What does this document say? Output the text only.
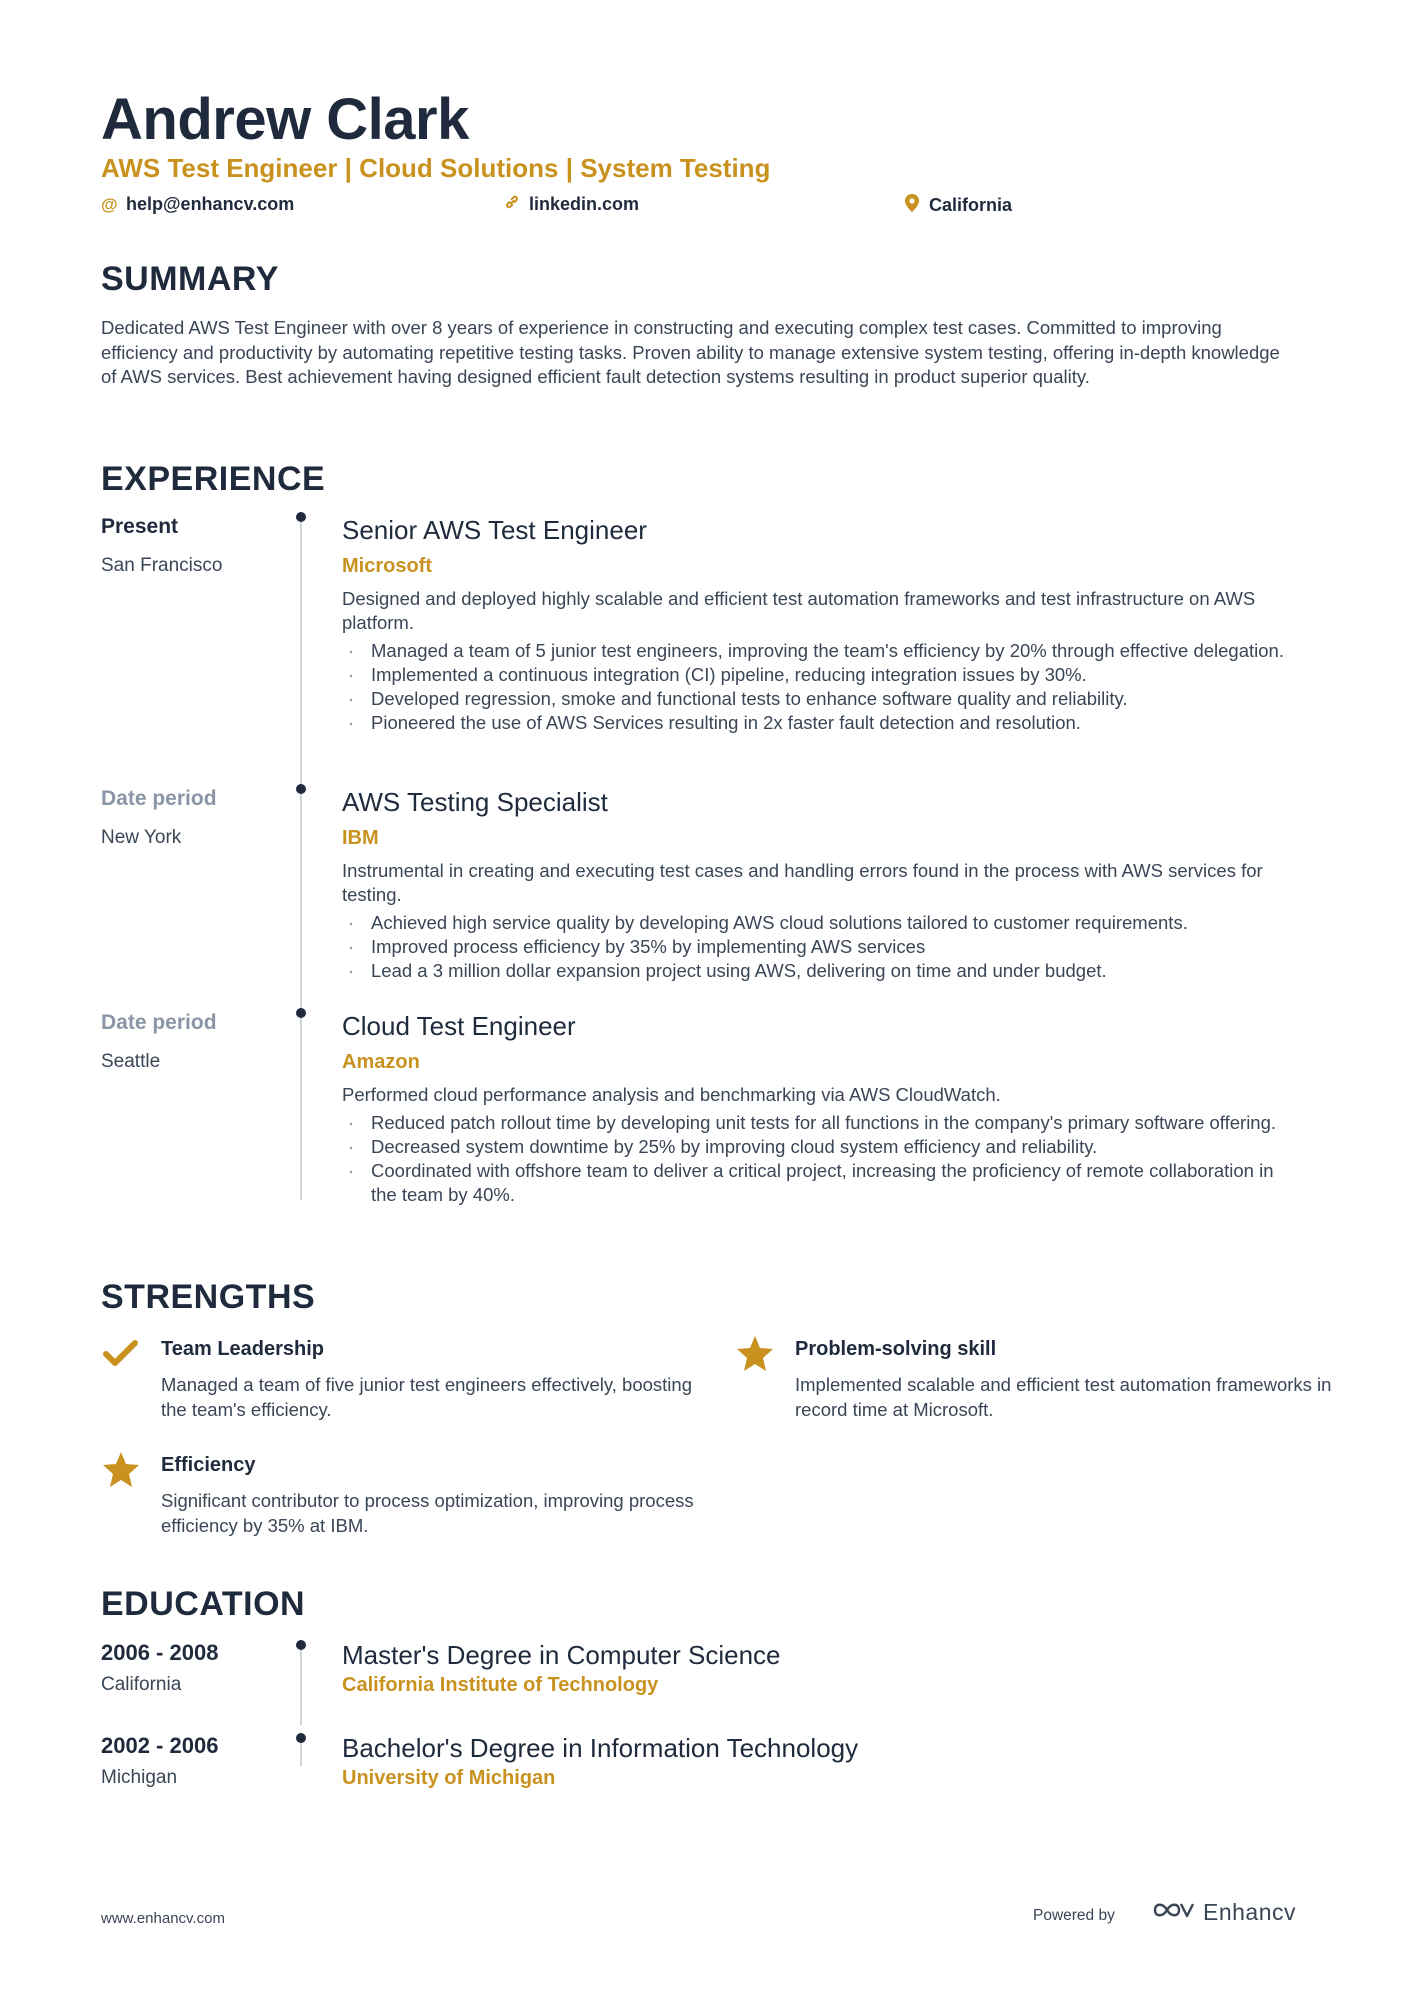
Andrew Clark
AWS Test Engineer | Cloud Solutions | System Testing
@ help@enhancv.com	linkedin.com	California
SUMMARY
Dedicated AWS Test Engineer with over 8 years of experience in constructing and executing complex test cases. Committed to improving efficiency and productivity by automating repetitive testing tasks. Proven ability to manage extensive system testing, offering in-depth knowledge of AWS services. Best achievement having designed efficient fault detection systems resulting in product superior quality.
EXPERIENCE
Present
San Francisco
Senior AWS Test Engineer
Microsoft
Designed and deployed highly scalable and efficient test automation frameworks and test infrastructure on AWS platform.
· Managed a team of 5 junior test engineers, improving the team's efficiency by 20% through effective delegation.
· Implemented a continuous integration (CI) pipeline, reducing integration issues by 30%.
· Developed regression, smoke and functional tests to enhance software quality and reliability.
· Pioneered the use of AWS Services resulting in 2x faster fault detection and resolution.
Date period
New York
AWS Testing Specialist
IBM
Instrumental in creating and executing test cases and handling errors found in the process with AWS services for testing.
· Achieved high service quality by developing AWS cloud solutions tailored to customer requirements.
· Improved process efficiency by 35% by implementing AWS services
· Lead a 3 million dollar expansion project using AWS, delivering on time and under budget.
Date period
Seattle
Cloud Test Engineer
Amazon
Performed cloud performance analysis and benchmarking via AWS CloudWatch.
· Reduced patch rollout time by developing unit tests for all functions in the company's primary software offering.
· Decreased system downtime by 25% by improving cloud system efficiency and reliability.
· Coordinated with offshore team to deliver a critical project, increasing the proficiency of remote collaboration in the team by 40%.
STRENGTHS
Team Leadership
Managed a team of five junior test engineers effectively, boosting the team's efficiency.
Problem-solving skill
Implemented scalable and efficient test automation frameworks in record time at Microsoft.
Efficiency
Significant contributor to process optimization, improving process efficiency by 35% at IBM.
EDUCATION
2006 - 2008
California
Master's Degree in Computer Science
California Institute of Technology
2002 - 2006
Michigan
Bachelor's Degree in Information Technology
University of Michigan
www.enhancv.com	Powered by	Enhancv
